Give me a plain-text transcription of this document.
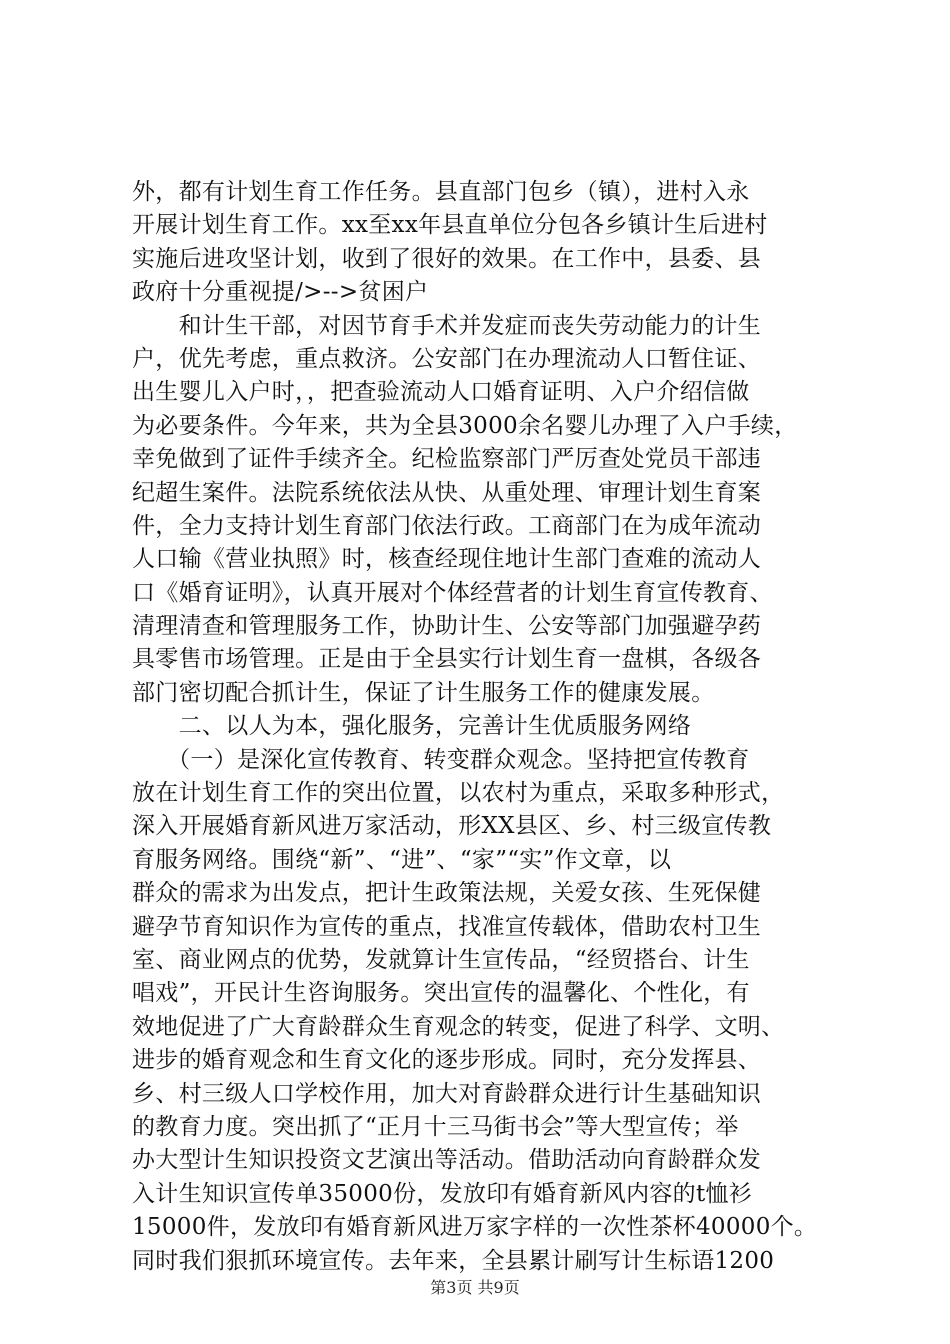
外，都有计划生育工作任务。县直部门包乡（镇），进村入永
开展计划生育工作。xx至xx年县直单位分包各乡镇计生后进村
实施后进攻坚计划，收到了很好的效果。在工作中，县委、县
政府十分重视提/>-->贫困户
　　和计生干部，对因节育手术并发症而丧失劳动能力的计生
户，优先考虑，重点救济。公安部门在办理流动人口暂住证、
出生婴儿入户时，，把查验流动人口婚育证明、入户介绍信做
为必要条件。今年来，共为全县3000余名婴儿办理了入户手续，
幸免做到了证件手续齐全。纪检监察部门严厉查处党员干部违
纪超生案件。法院系统依法从快、从重处理、审理计划生育案
件，全力支持计划生育部门依法行政。工商部门在为成年流动
人口输《营业执照》时，核查经现住地计生部门查难的流动人
口《婚育证明》，认真开展对个体经营者的计划生育宣传教育、
清理清查和管理服务工作，协助计生、公安等部门加强避孕药
具零售市场管理。正是由于全县实行计划生育一盘棋，各级各
部门密切配合抓计生，保证了计生服务工作的健康发展。
　　二、以人为本，强化服务，完善计生优质服务网络
　　（一）是深化宣传教育、转变群众观念。坚持把宣传教育
放在计划生育工作的突出位置，以农村为重点，采取多种形式，
深入开展婚育新风进万家活动，形XX县区、乡、村三级宣传教
育服务网络。围绕“新”、“进”、“家”“实”作文章，以
群众的需求为出发点，把计生政策法规，关爱女孩、生死保健
避孕节育知识作为宣传的重点，找准宣传载体，借助农村卫生
室、商业网点的优势，发就算计生宣传品，“经贸搭台、计生
唱戏”，开民计生咨询服务。突出宣传的温馨化、个性化，有
效地促进了广大育龄群众生育观念的转变，促进了科学、文明、
进步的婚育观念和生育文化的逐步形成。同时，充分发挥县、
乡、村三级人口学校作用，加大对育龄群众进行计生基础知识
的教育力度。突出抓了“正月十三马街书会”等大型宣传；举
办大型计生知识投资文艺演出等活动。借助活动向育龄群众发
入计生知识宣传单35000份，发放印有婚育新风内容的t恤衫
15000件，发放印有婚育新风进万家字样的一次性茶杯40000个。
同时我们狠抓环境宣传。去年来，全县累计刷写计生标语1200
第3页 共9页
